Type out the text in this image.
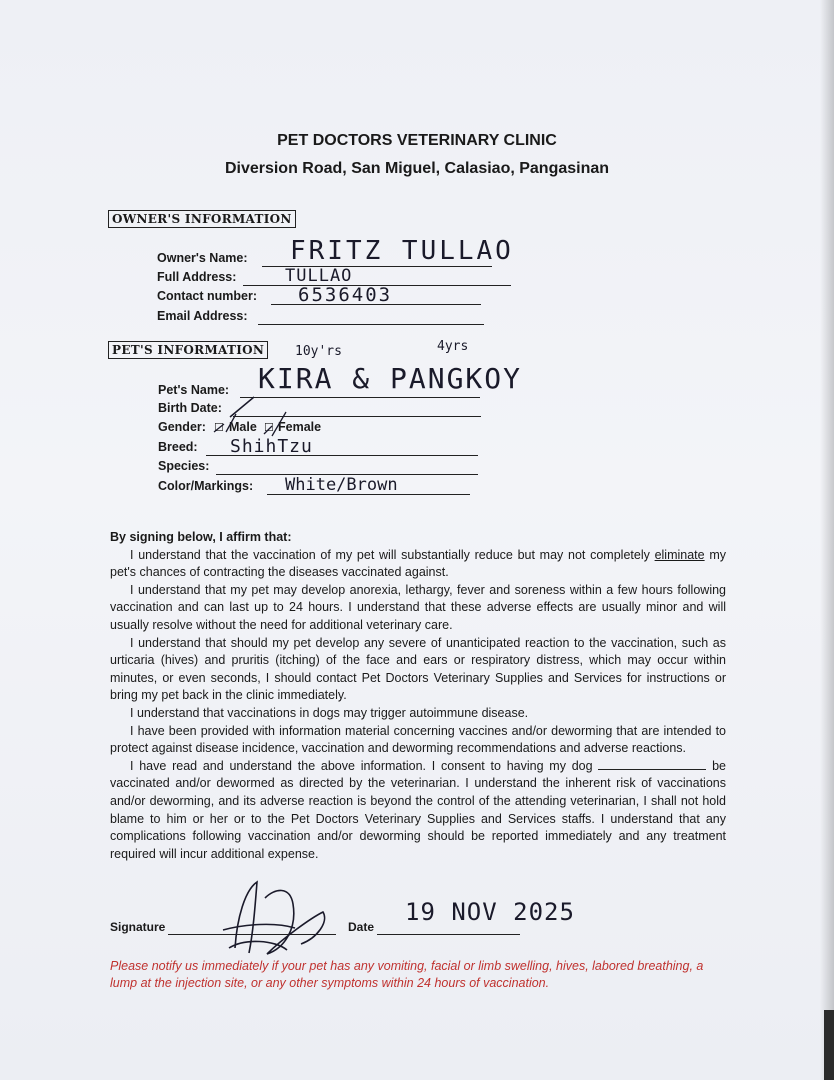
PET DOCTORS VETERINARY CLINIC
Diversion Road, San Miguel, Calasiao, Pangasinan
OWNER'S INFORMATION
Owner's Name: FRITZ TULLAO
Full Address:	TULLAO
Contact number: 6536403
Email Address:
PET'S INFORMATION	10y'rs	4yrs
Pet's Name: KIRA & PANGKOY
Birth Date:
Gender: ☐ Male ☐ Female
Breed: ShihTzu
Species:
Color/Markings: White/Brown

By signing below, I affirm that:

I understand that the vaccination of my pet will substantially reduce but may not completely eliminate my pet's chances of contracting the diseases vaccinated against.

I understand that my pet may develop anorexia, lethargy, fever and soreness within a few hours following vaccination and can last up to 24 hours. I understand that these adverse effects are usually minor and will usually resolve without the need for additional veterinary care.

I understand that should my pet develop any severe of unanticipated reaction to the vaccination, such as urticaria (hives) and pruritis (itching) of the face and ears or respiratory distress, which may occur within minutes, or even seconds, I should contact Pet Doctors Veterinary Supplies and Services for instructions or bring my pet back in the clinic immediately.

I understand that vaccinations in dogs may trigger autoimmune disease.

I have been provided with information material concerning vaccines and/or deworming that are intended to protect against disease incidence, vaccination and deworming recommendations and adverse reactions.

I have read and understand the above information. I consent to having my dog	be vaccinated and/or dewormed as directed by the veterinarian. I understand the inherent risk of vaccinations and/or deworming, and its adverse reaction is beyond the control of the attending veterinarian, I shall not hold blame to him or her or to the Pet Doctors Veterinary Supplies and Services staffs. I understand that any complications following vaccination and/or deworming should be reported immediately and any treatment required will incur additional expense.

Signature	Date
19 NOV 2025
Please notify us immediately if your pet has any vomiting, facial or limb swelling, hives, labored breathing, a lump at the injection site, or any other symptoms within 24 hours of vaccination.
